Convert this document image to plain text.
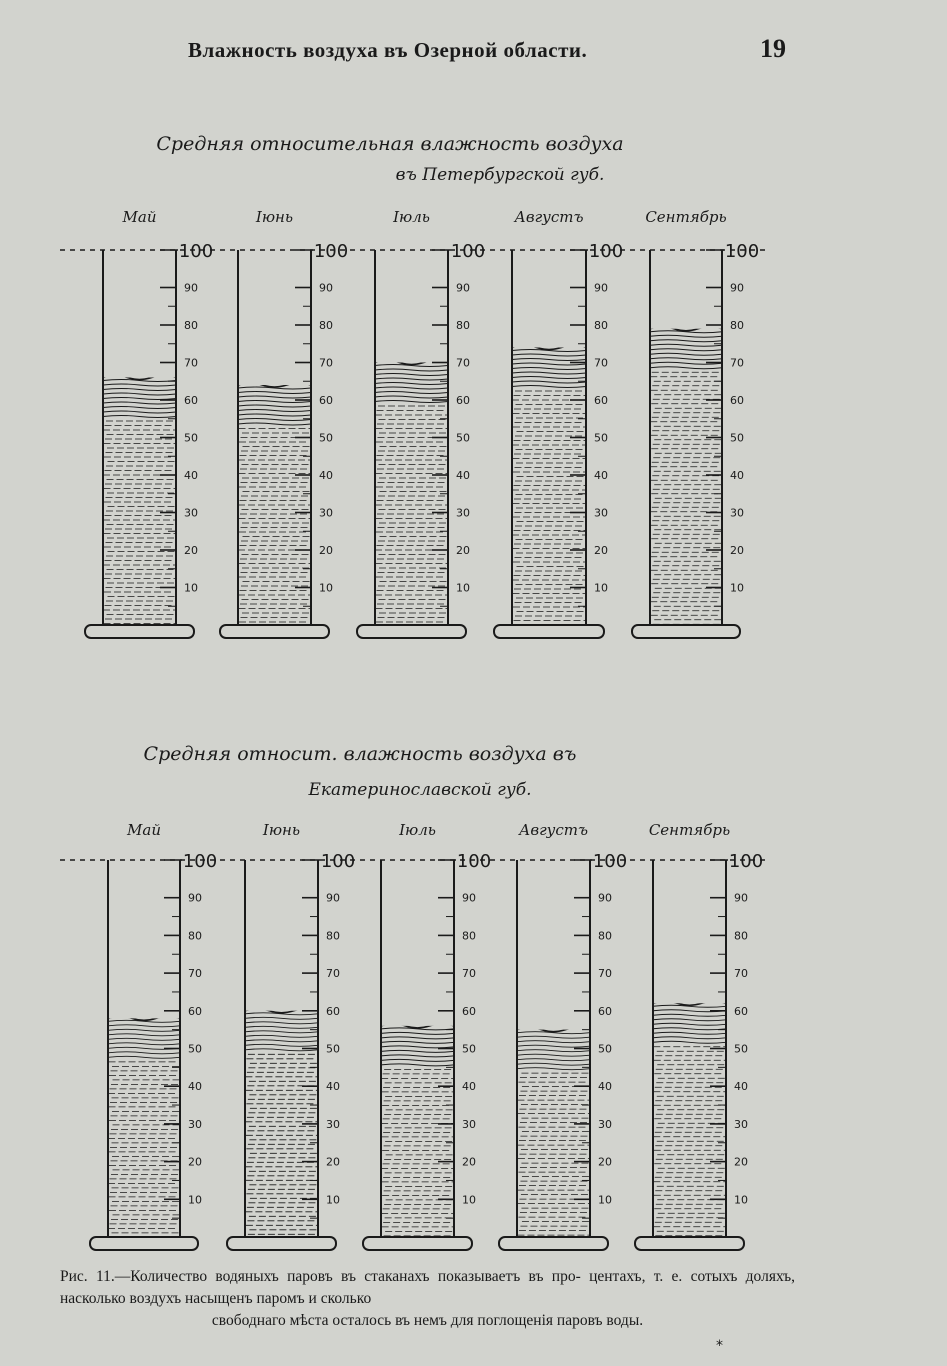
Влажность воздуха въ Озерной области.	19
Средняя относительная влажность воздуха
въ Петербургской губ.
Май
100
90
80
70
60
50
40
30
20
10
Іюнь
100
90
80
70
60
50
40
30
20
10
Іюль
100
90
80
70
60
50
40
30
20
10
Августъ
100
90
80
70
60
50
40
30
20
10
Сентябрь
100
90
80
70
60
50
40
30
20
10
Средняя относит. влажность воздуха въ
Екатеринославской губ.
Май
100
90
80
70
60
50
40
30
20
10
Іюнь
100
90
80
70
60
50
40
30
20
10
Іюль
100
90
80
70
60
50
40
30
20
10
Августъ
100
90
80
70
60
50
40
30
20
10
Сентябрь
100
90
80
70
60
50
40
30
20
10
Рис. 11.—Количество водяныхъ паровъ въ стаканахъ показываетъ въ про- центахъ, т. е. сотыхъ доляхъ, насколько воздухъ насыщенъ паромъ и сколько
свободнаго мѣста осталось въ немъ для поглощенія паровъ воды.
*
